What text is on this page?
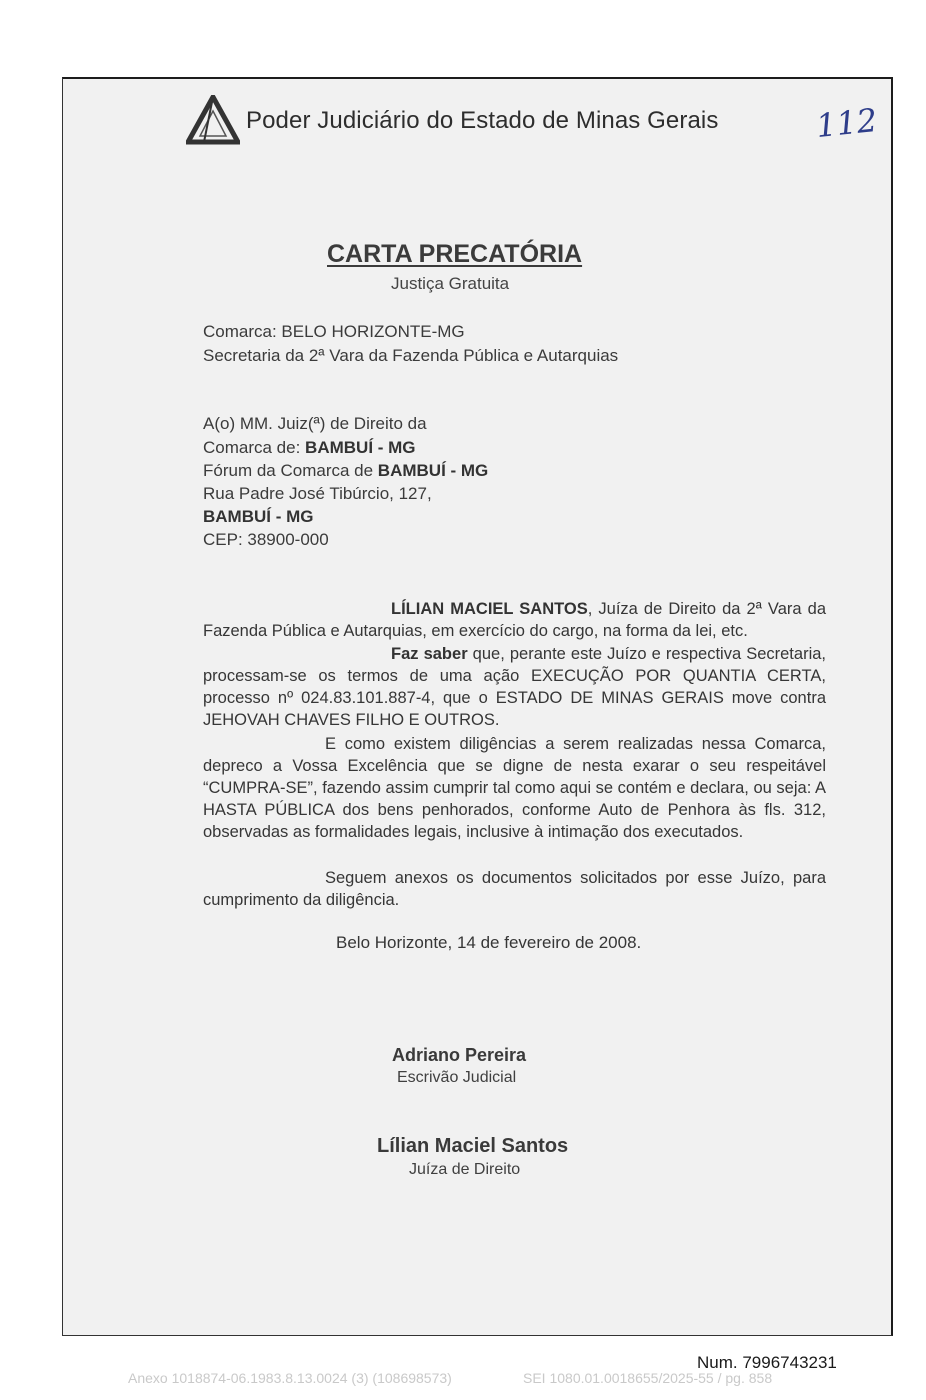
Poder Judiciário do Estado de Minas Gerais	112
CARTA PRECATÓRIA
Justiça Gratuita
Comarca: BELO HORIZONTE-MG
Secretaria da 2ª Vara da Fazenda Pública e Autarquias
A(o) MM. Juiz(ª) de Direito da
Comarca de: BAMBUÍ - MG
Fórum da Comarca de BAMBUÍ - MG
Rua Padre José Tibúrcio, 127,
BAMBUÍ - MG
CEP: 38900-000
LÍLIAN MACIEL SANTOS, Juíza de Direito da 2ª Vara da Fazenda Pública e Autarquias, em exercício do cargo, na forma da lei, etc.
Faz saber que, perante este Juízo e respectiva Secretaria, processam-se os termos de uma ação EXECUÇÃO POR QUANTIA CERTA, processo nº 024.83.101.887-4, que o ESTADO DE MINAS GERAIS move contra JEHOVAH CHAVES FILHO E OUTROS.
E como existem diligências a serem realizadas nessa Comarca, depreco a Vossa Excelência que se digne de nesta exarar o seu respeitável “CUMPRA-SE”, fazendo assim cumprir tal como aqui se contém e declara, ou seja: A HASTA PÚBLICA dos bens penhorados, conforme Auto de Penhora às fls. 312, observadas as formalidades legais, inclusive à intimação dos executados.
Seguem anexos os documentos solicitados por esse Juízo, para cumprimento da diligência.
Belo Horizonte, 14 de fevereiro de 2008.
Adriano Pereira
Escrivão Judicial
Lílian Maciel Santos
Juíza de Direito
Num. 7996743231
Anexo 1018874-06.1983.8.13.0024 (3) (108698573)	SEI 1080.01.0018655/2025-55 / pg. 858
